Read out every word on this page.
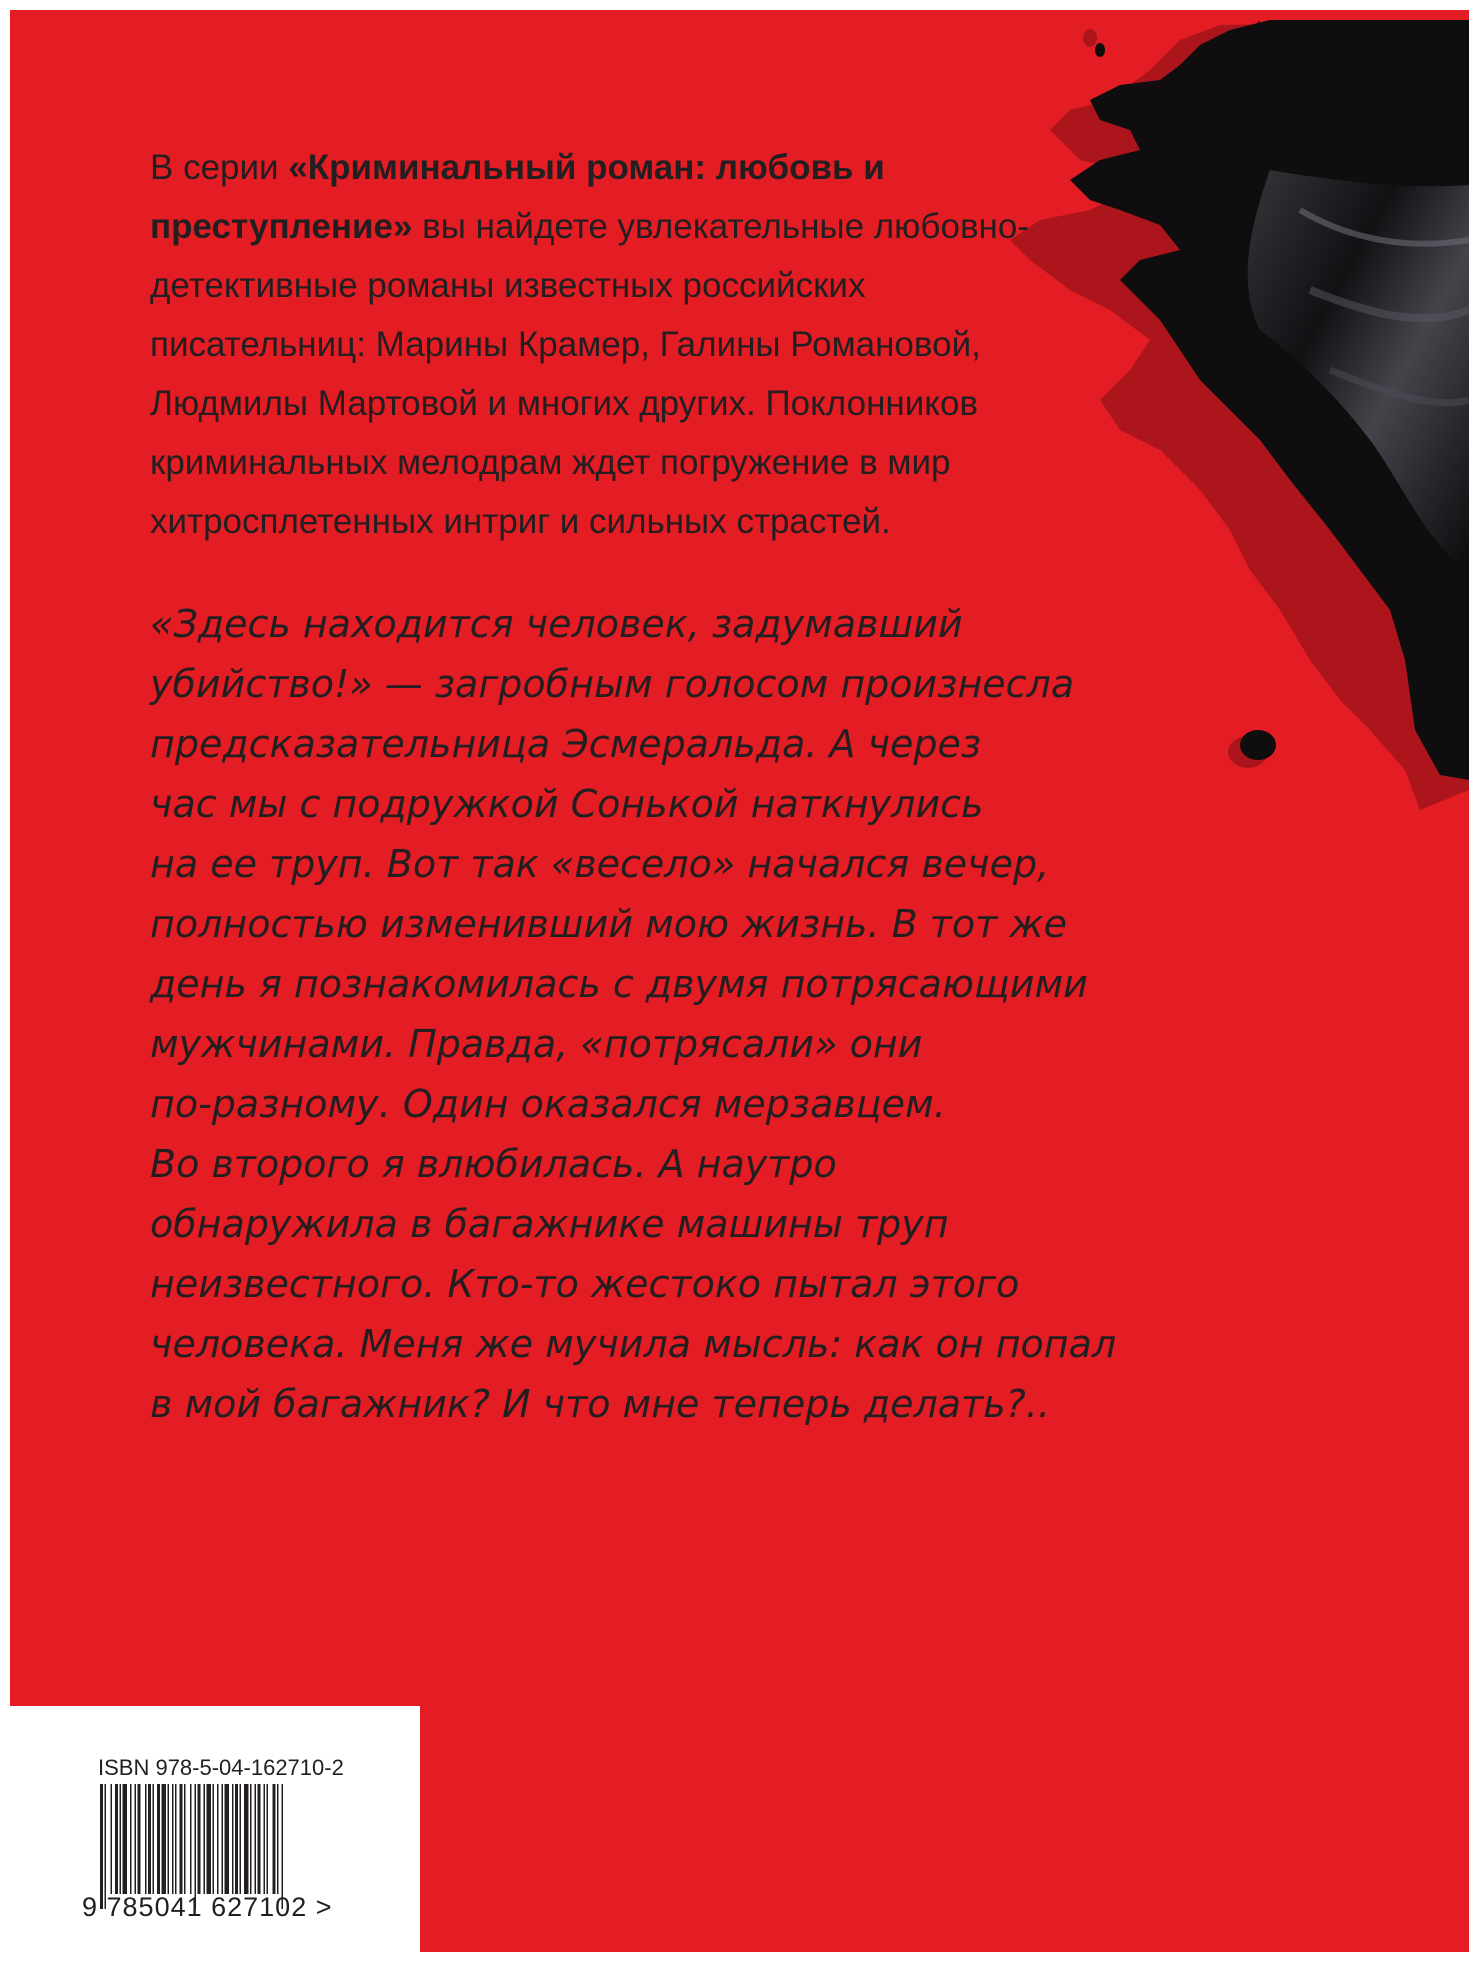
В серии «Криминальный роман: любовь и преступление» вы найдете увлекательные любовно-детективные романы известных российских писательниц: Марины Крамер, Галины Романовой, Людмилы Мартовой и многих других. Поклонников криминальных мелодрам ждет погружение в мир хитросплетенных интриг и сильных страстей.

«Здесь находится человек, задумавший
убийство!» — загробным голосом произнесла
предсказательница Эсмеральда. А через
час мы с подружкой Сонькой наткнулись
на ее труп. Вот так «весело» начался вечер,
полностью изменивший мою жизнь. В тот же
день я познакомилась с двумя потрясающими
мужчинами. Правда, «потрясали» они
по-разному. Один оказался мерзавцем.
Во второго я влюбилась. А наутро
обнаружила в багажнике машины труп
неизвестного. Кто-то жестоко пытал этого
человека. Меня же мучила мысль: как он попал
в мой багажник? И что мне теперь делать?..

ISBN 978-5-04-162710-2
9 785041 627102 >
